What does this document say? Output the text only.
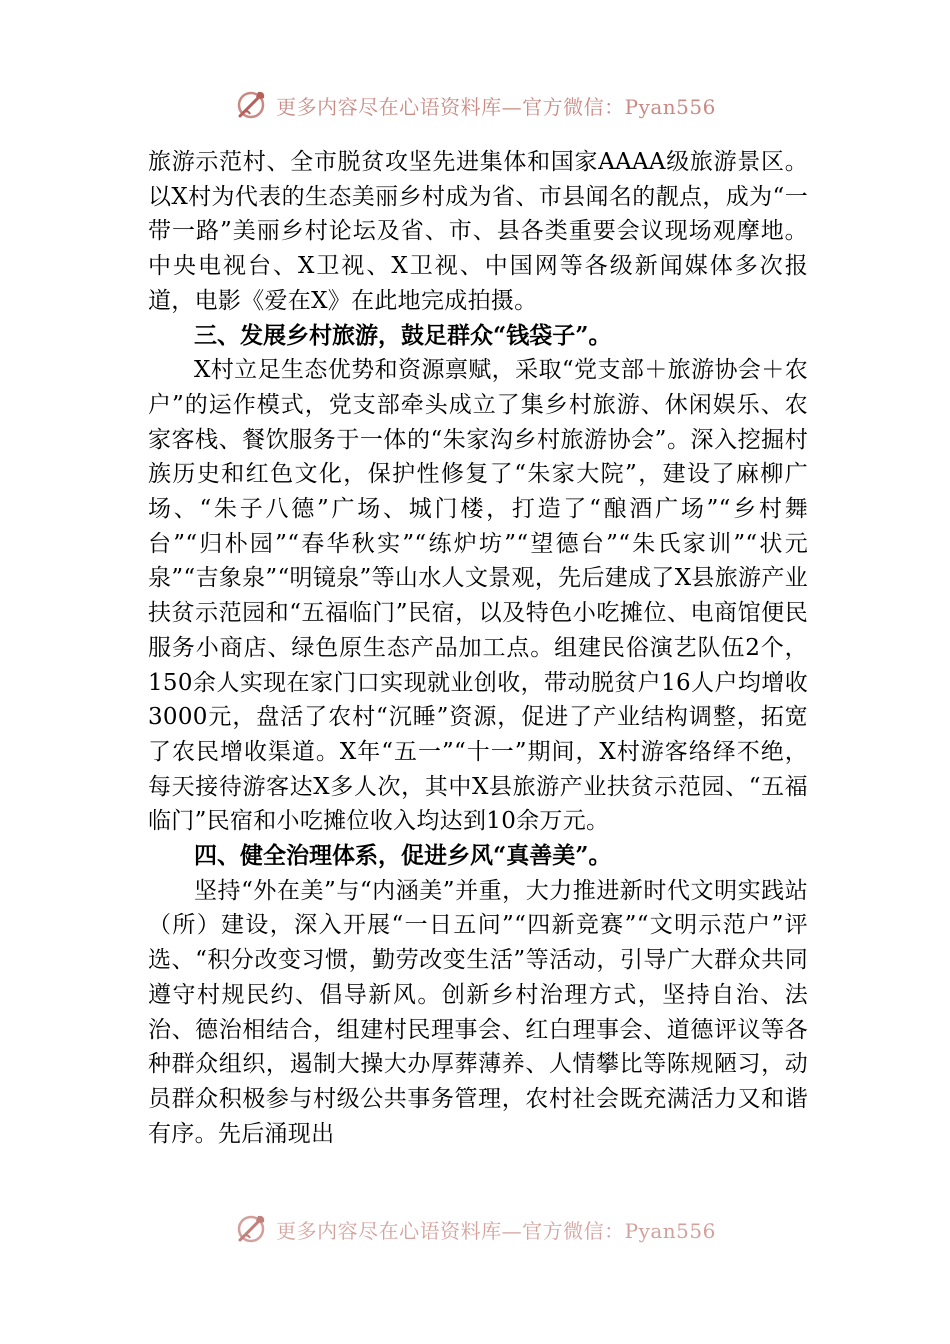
更多内容尽在心语资料库—官方微信：Pyan556

旅游示范村、全市脱贫攻坚先进集体和国家AAAA级旅游景区。以X村为代表的生态美丽乡村成为省、市县闻名的靓点，成为“一带一路”美丽乡村论坛及省、市、县各类重要会议现场观摩地。中央电视台、X卫视、X卫视、中国网等各级新闻媒体多次报道，电影《爱在X》在此地完成拍摄。

三、发展乡村旅游，鼓足群众“钱袋子”。

X村立足生态优势和资源禀赋，采取“党支部＋旅游协会＋农户”的运作模式，党支部牵头成立了集乡村旅游、休闲娱乐、农家客栈、餐饮服务于一体的“朱家沟乡村旅游协会”。深入挖掘村族历史和红色文化，保护性修复了“朱家大院”，建设了麻柳广场、“朱子八德”广场、城门楼，打造了“酿酒广场”“乡村舞台”“归朴园”“春华秋实”“练炉坊”“望德台”“朱氏家训”“状元泉”“吉象泉”“明镜泉”等山水人文景观，先后建成了X县旅游产业扶贫示范园和“五福临门”民宿，以及特色小吃摊位、电商馆便民服务小商店、绿色原生态产品加工点。组建民俗演艺队伍2个，150余人实现在家门口实现就业创收，带动脱贫户16人户均增收3000元，盘活了农村“沉睡”资源，促进了产业结构调整，拓宽了农民增收渠道。X年“五一”“十一”期间，X村游客络绎不绝，每天接待游客达X多人次，其中X县旅游产业扶贫示范园、“五福临门”民宿和小吃摊位收入均达到10余万元。

四、健全治理体系，促进乡风“真善美”。

坚持“外在美”与“内涵美”并重，大力推进新时代文明实践站（所）建设，深入开展“一日五问”“四新竞赛”“文明示范户”评选、“积分改变习惯，勤劳改变生活”等活动，引导广大群众共同遵守村规民约、倡导新风。创新乡村治理方式，坚持自治、法治、德治相结合，组建村民理事会、红白理事会、道德评议等各种群众组织，遏制大操大办厚葬薄养、人情攀比等陈规陋习，动员群众积极参与村级公共事务管理，农村社会既充满活力又和谐有序。先后涌现出

更多内容尽在心语资料库—官方微信：Pyan556
